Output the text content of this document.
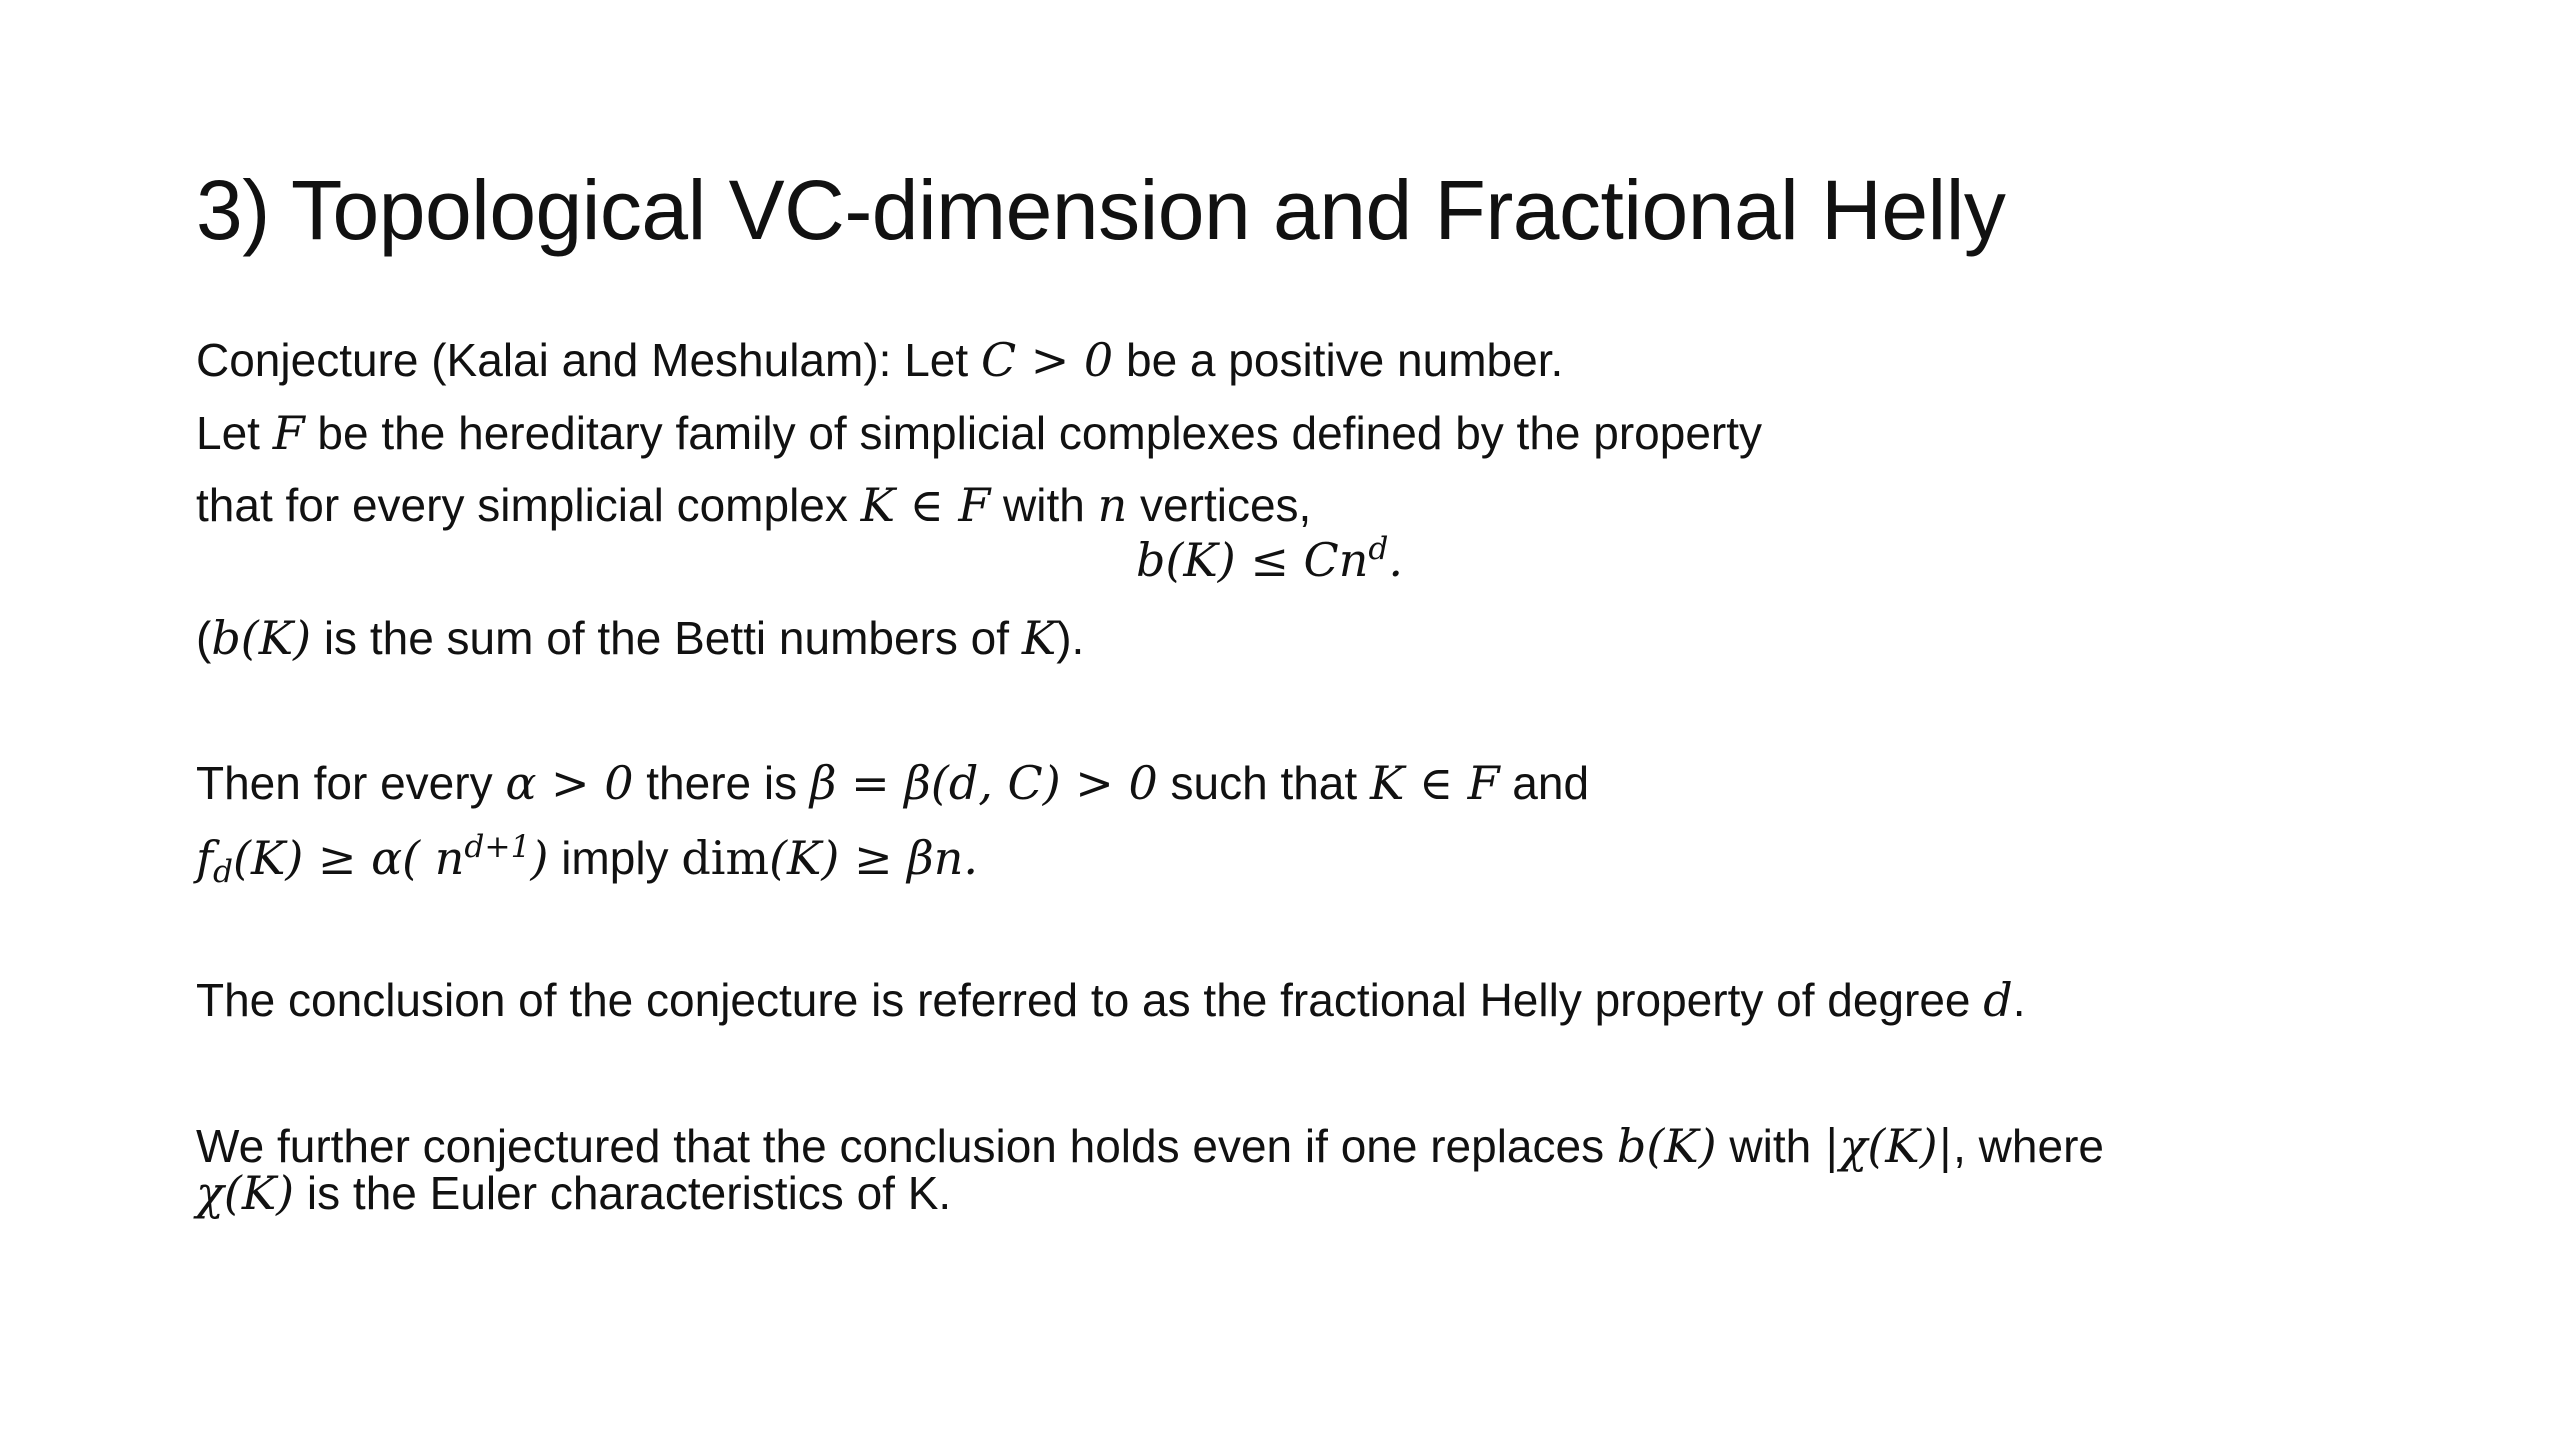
3) Topological VC-dimension and Fractional Helly
Conjecture (Kalai and Meshulam): Let C > 0 be a positive number.
Let F be the hereditary family of simplicial complexes defined by the property
that for every simplicial complex K ∈ F with n vertices,
$b(K) \le Cn^d$.
(b(K) is the sum of the Betti numbers of K).
Then for every α > 0 there is β = β(d, C) > 0 such that K ∈ F and
$f_d(K) \ge \alpha$( $n^{d+1}$) imply dim(K) ≥ βn.
The conclusion of the conjecture is referred to as the fractional Helly property of degree d.
We further conjectured that the conclusion holds even if one replaces b(K) with |χ(K)|, where
χ(K) is the Euler characteristics of K.
